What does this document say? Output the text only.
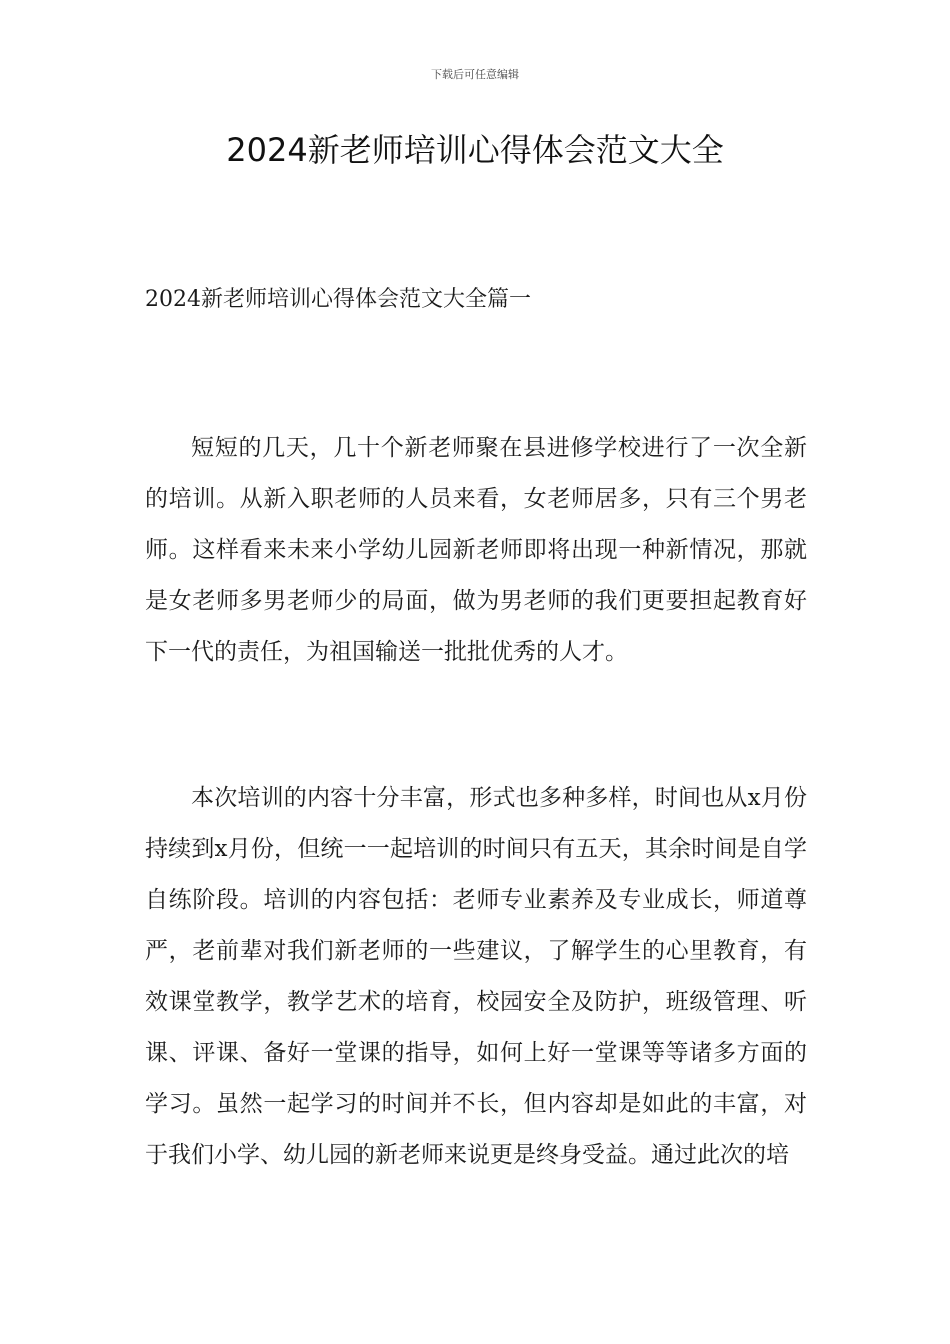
下载后可任意编辑
2024新老师培训心得体会范文大全
2024新老师培训心得体会范文大全篇一

短短的几天，几十个新老师聚在县进修学校进行了一次全新的培训。从新入职老师的人员来看，女老师居多，只有三个男老师。这样看来未来小学幼儿园新老师即将出现一种新情况，那就是女老师多男老师少的局面，做为男老师的我们更要担起教育好下一代的责任，为祖国输送一批批优秀的人才。

本次培训的内容十分丰富，形式也多种多样，时间也从x月份持续到x月份，但统一一起培训的时间只有五天，其余时间是自学自练阶段。培训的内容包括：老师专业素养及专业成长，师道尊严，老前辈对我们新老师的一些建议，了解学生的心里教育，有效课堂教学，教学艺术的培育，校园安全及防护，班级管理、听课、评课、备好一堂课的指导，如何上好一堂课等等诸多方面的学习。虽然一起学习的时间并不长，但内容却是如此的丰富，对于我们小学、幼儿园的新老师来说更是终身受益。通过此次的培
